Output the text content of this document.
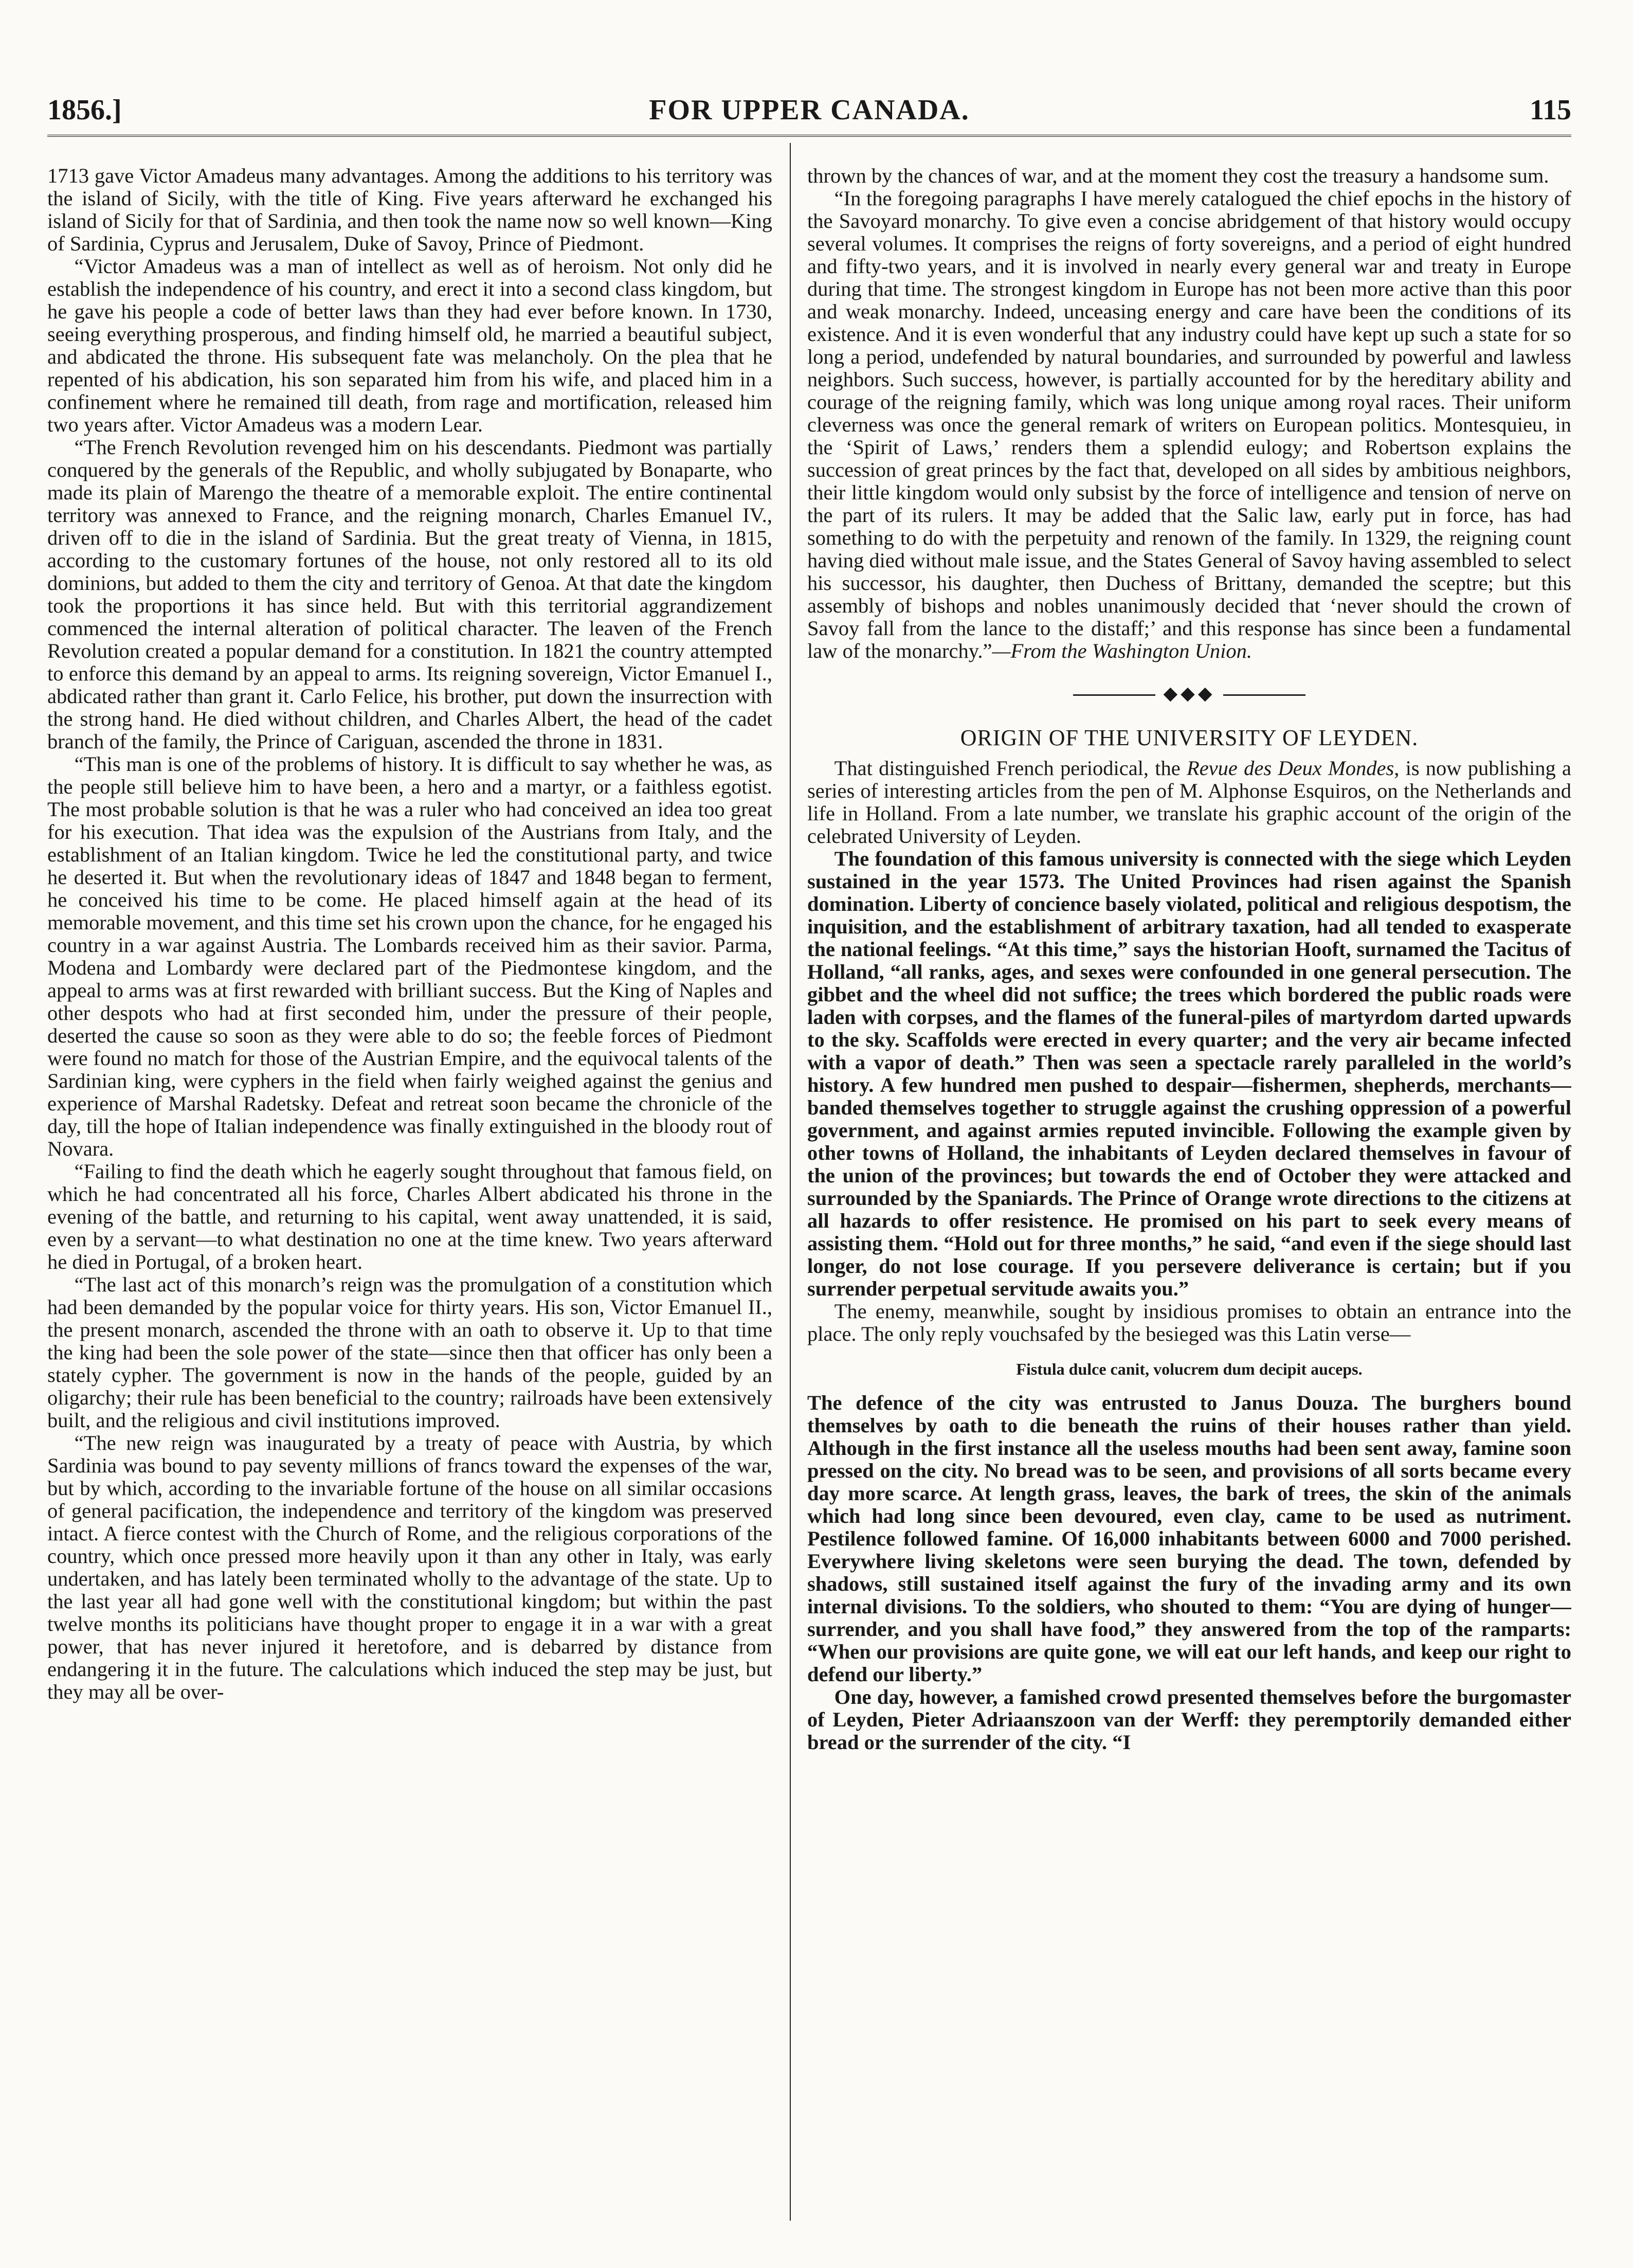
1856.]	FOR UPPER CANADA.	115

1713 gave Victor Amadeus many advantages. Among the additions to his territory was the island of Sicily, with the title of King. Five years afterward he exchanged his island of Sicily for that of Sardinia, and then took the name now so well known—King of Sardinia, Cyprus and Jerusalem, Duke of Savoy, Prince of Piedmont.

“Victor Amadeus was a man of intellect as well as of heroism. Not only did he establish the independence of his country, and erect it into a second class kingdom, but he gave his people a code of better laws than they had ever before known. In 1730, seeing everything prosperous, and finding himself old, he married a beautiful subject, and abdicated the throne. His subsequent fate was melancholy. On the plea that he repented of his abdication, his son separated him from his wife, and placed him in a confinement where he remained till death, from rage and mortification, released him two years after. Victor Amadeus was a modern Lear.

“The French Revolution revenged him on his descendants. Piedmont was partially conquered by the generals of the Republic, and wholly subjugated by Bonaparte, who made its plain of Marengo the theatre of a memorable exploit. The entire continental territory was annexed to France, and the reigning monarch, Charles Emanuel IV., driven off to die in the island of Sardinia. But the great treaty of Vienna, in 1815, according to the customary fortunes of the house, not only restored all to its old dominions, but added to them the city and territory of Genoa. At that date the kingdom took the proportions it has since held. But with this territorial aggrandizement commenced the internal alteration of political character. The leaven of the French Revolution created a popular demand for a constitution. In 1821 the country attempted to enforce this demand by an appeal to arms. Its reigning sovereign, Victor Emanuel I., abdicated rather than grant it. Carlo Felice, his brother, put down the insurrection with the strong hand. He died without children, and Charles Albert, the head of the cadet branch of the family, the Prince of Cariguan, ascended the throne in 1831.

“This man is one of the problems of history. It is difficult to say whether he was, as the people still believe him to have been, a hero and a martyr, or a faithless egotist. The most probable solution is that he was a ruler who had conceived an idea too great for his execution. That idea was the expulsion of the Austrians from Italy, and the establishment of an Italian kingdom. Twice he led the constitutional party, and twice he deserted it. But when the revolutionary ideas of 1847 and 1848 began to ferment, he conceived his time to be come. He placed himself again at the head of its memorable movement, and this time set his crown upon the chance, for he engaged his country in a war against Austria. The Lombards received him as their savior. Parma, Modena and Lombardy were declared part of the Piedmontese kingdom, and the appeal to arms was at first rewarded with brilliant success. But the King of Naples and other despots who had at first seconded him, under the pressure of their people, deserted the cause so soon as they were able to do so; the feeble forces of Piedmont were found no match for those of the Austrian Empire, and the equivocal talents of the Sardinian king, were cyphers in the field when fairly weighed against the genius and experience of Marshal Radetsky. Defeat and retreat soon became the chronicle of the day, till the hope of Italian independence was finally extinguished in the bloody rout of Novara.

“Failing to find the death which he eagerly sought throughout that famous field, on which he had concentrated all his force, Charles Albert abdicated his throne in the evening of the battle, and returning to his capital, went away unattended, it is said, even by a servant—to what destination no one at the time knew. Two years afterward he died in Portugal, of a broken heart.

“The last act of this monarch’s reign was the promulgation of a constitution which had been demanded by the popular voice for thirty years. His son, Victor Emanuel II., the present monarch, ascended the throne with an oath to observe it. Up to that time the king had been the sole power of the state—since then that officer has only been a stately cypher. The government is now in the hands of the people, guided by an oligarchy; their rule has been beneficial to the country; railroads have been extensively built, and the religious and civil institutions improved.

“The new reign was inaugurated by a treaty of peace with Austria, by which Sardinia was bound to pay seventy millions of francs toward the expenses of the war, but by which, according to the invariable fortune of the house on all similar occasions of general pacification, the independence and territory of the kingdom was preserved intact. A fierce contest with the Church of Rome, and the religious corporations of the country, which once pressed more heavily upon it than any other in Italy, was early undertaken, and has lately been terminated wholly to the advantage of the state. Up to the last year all had gone well with the constitutional kingdom; but within the past twelve months its politicians have thought proper to engage it in a war with a great power, that has never injured it heretofore, and is debarred by distance from endangering it in the future. The calculations which induced the step may be just, but they may all be over-

thrown by the chances of war, and at the moment they cost the treasury a handsome sum.

“In the foregoing paragraphs I have merely catalogued the chief epochs in the history of the Savoyard monarchy. To give even a concise abridgement of that history would occupy several volumes. It comprises the reigns of forty sovereigns, and a period of eight hundred and fifty-two years, and it is involved in nearly every general war and treaty in Europe during that time. The strongest kingdom in Europe has not been more active than this poor and weak monarchy. Indeed, unceasing energy and care have been the conditions of its existence. And it is even wonderful that any industry could have kept up such a state for so long a period, undefended by natural boundaries, and surrounded by powerful and lawless neighbors. Such success, however, is partially accounted for by the hereditary ability and courage of the reigning family, which was long unique among royal races. Their uniform cleverness was once the general remark of writers on European politics. Montesquieu, in the ‘Spirit of Laws,’ renders them a splendid eulogy; and Robertson explains the succession of great princes by the fact that, developed on all sides by ambitious neighbors, their little kingdom would only subsist by the force of intelligence and tension of nerve on the part of its rulers. It may be added that the Salic law, early put in force, has had something to do with the perpetuity and renown of the family. In 1329, the reigning count having died without male issue, and the States General of Savoy having assembled to select his successor, his daughter, then Duchess of Brittany, demanded the sceptre; but this assembly of bishops and nobles unanimously decided that ‘never should the crown of Savoy fall from the lance to the distaff;’ and this response has since been a fundamental law of the monarchy.”—From the Washington Union.

◆◆◆
ORIGIN OF THE UNIVERSITY OF LEYDEN.

That distinguished French periodical, the Revue des Deux Mondes, is now publishing a series of interesting articles from the pen of M. Alphonse Esquiros, on the Netherlands and life in Holland. From a late number, we translate his graphic account of the origin of the celebrated University of Leyden.

The foundation of this famous university is connected with the siege which Leyden sustained in the year 1573. The United Provinces had risen against the Spanish domination. Liberty of concience basely violated, political and religious despotism, the inquisition, and the establishment of arbitrary taxation, had all tended to exasperate the national feelings. “At this time,” says the historian Hooft, surnamed the Tacitus of Holland, “all ranks, ages, and sexes were confounded in one general persecution. The gibbet and the wheel did not suffice; the trees which bordered the public roads were laden with corpses, and the flames of the funeral-piles of martyrdom darted upwards to the sky. Scaffolds were erected in every quarter; and the very air became infected with a vapor of death.” Then was seen a spectacle rarely paralleled in the world’s history. A few hundred men pushed to despair—fishermen, shepherds, merchants—banded themselves together to struggle against the crushing oppression of a powerful government, and against armies reputed invincible. Following the example given by other towns of Holland, the inhabitants of Leyden declared themselves in favour of the union of the provinces; but towards the end of October they were attacked and surrounded by the Spaniards. The Prince of Orange wrote directions to the citizens at all hazards to offer resistence. He promised on his part to seek every means of assisting them. “Hold out for three months,” he said, “and even if the siege should last longer, do not lose courage. If you persevere deliverance is certain; but if you surrender perpetual servitude awaits you.”

The enemy, meanwhile, sought by insidious promises to obtain an entrance into the place. The only reply vouchsafed by the besieged was this Latin verse—

Fistula dulce canit, volucrem dum decipit auceps.

The defence of the city was entrusted to Janus Douza. The burghers bound themselves by oath to die beneath the ruins of their houses rather than yield. Although in the first instance all the useless mouths had been sent away, famine soon pressed on the city. No bread was to be seen, and provisions of all sorts became every day more scarce. At length grass, leaves, the bark of trees, the skin of the animals which had long since been devoured, even clay, came to be used as nutriment. Pestilence followed famine. Of 16,000 inhabitants between 6000 and 7000 perished. Everywhere living skeletons were seen burying the dead. The town, defended by shadows, still sustained itself against the fury of the invading army and its own internal divisions. To the soldiers, who shouted to them: “You are dying of hunger—surrender, and you shall have food,” they answered from the top of the ramparts: “When our provisions are quite gone, we will eat our left hands, and keep our right to defend our liberty.”

One day, however, a famished crowd presented themselves before the burgomaster of Leyden, Pieter Adriaanszoon van der Werff: they peremptorily demanded either bread or the surrender of the city. “I
